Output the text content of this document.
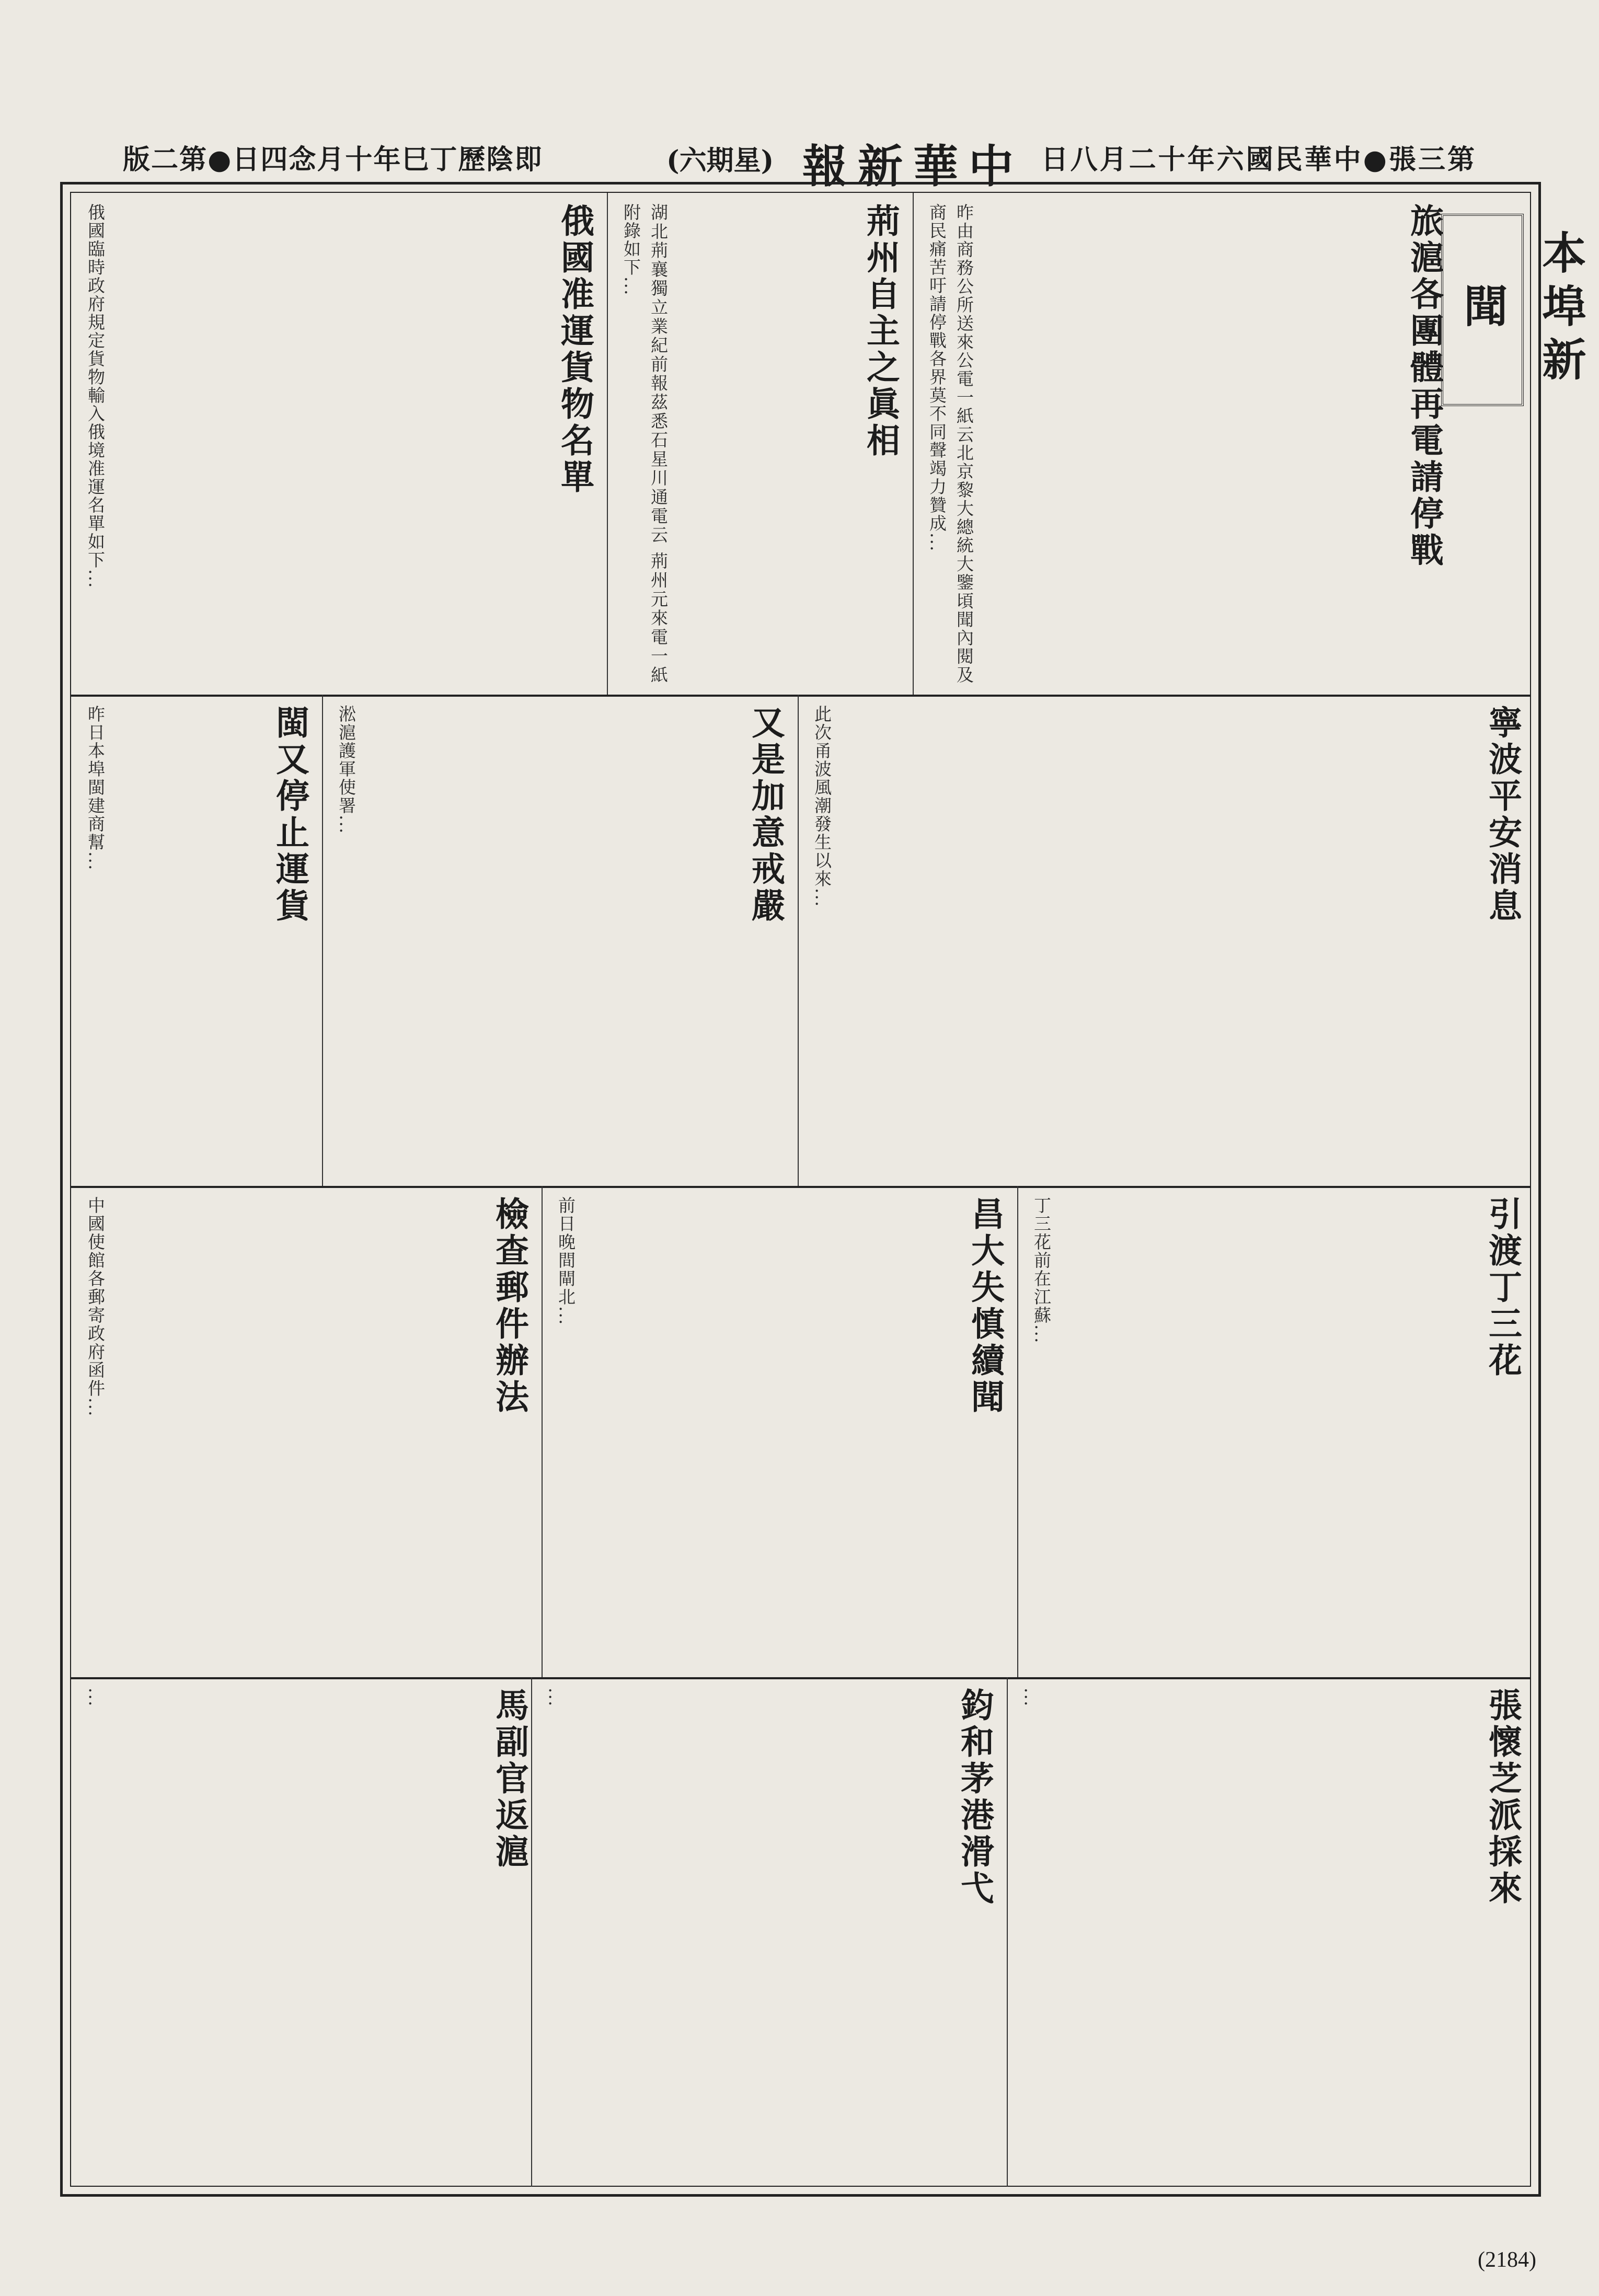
版二第●日四念月十年巳丁歷陰即	(六期星) 報新華中 日八月二十年六國民華中●張三第
本埠新聞
旅滬各團體再電請停戰
昨由商務公所送來公電一紙云北京黎大總統大鑒頃聞內閱及商民痛苦吁請停戰各界莫不同聲竭力贊成...
荊州自主之眞相
湖北荊襄獨立業紀前報茲悉石星川通電云 荊州元來電一紙附錄如下...
俄國准運貨物名單
俄國臨時政府規定貨物輸入俄境准運名單如下...
寧波平安消息
此次甬波風潮發生以來...
又是加意戒嚴
淞滬護軍使署...
閩又停止運貨
昨日本埠閩建商幫...
引渡丁三花
丁三花前在江蘇...
昌大失慎續聞
前日晚間閘北...
檢查郵件辦法
中國使館各郵寄政府函件...
張懷芝派採來
...
鈞和茅港滑弋
...
馬副官返滬
...
(2184)
